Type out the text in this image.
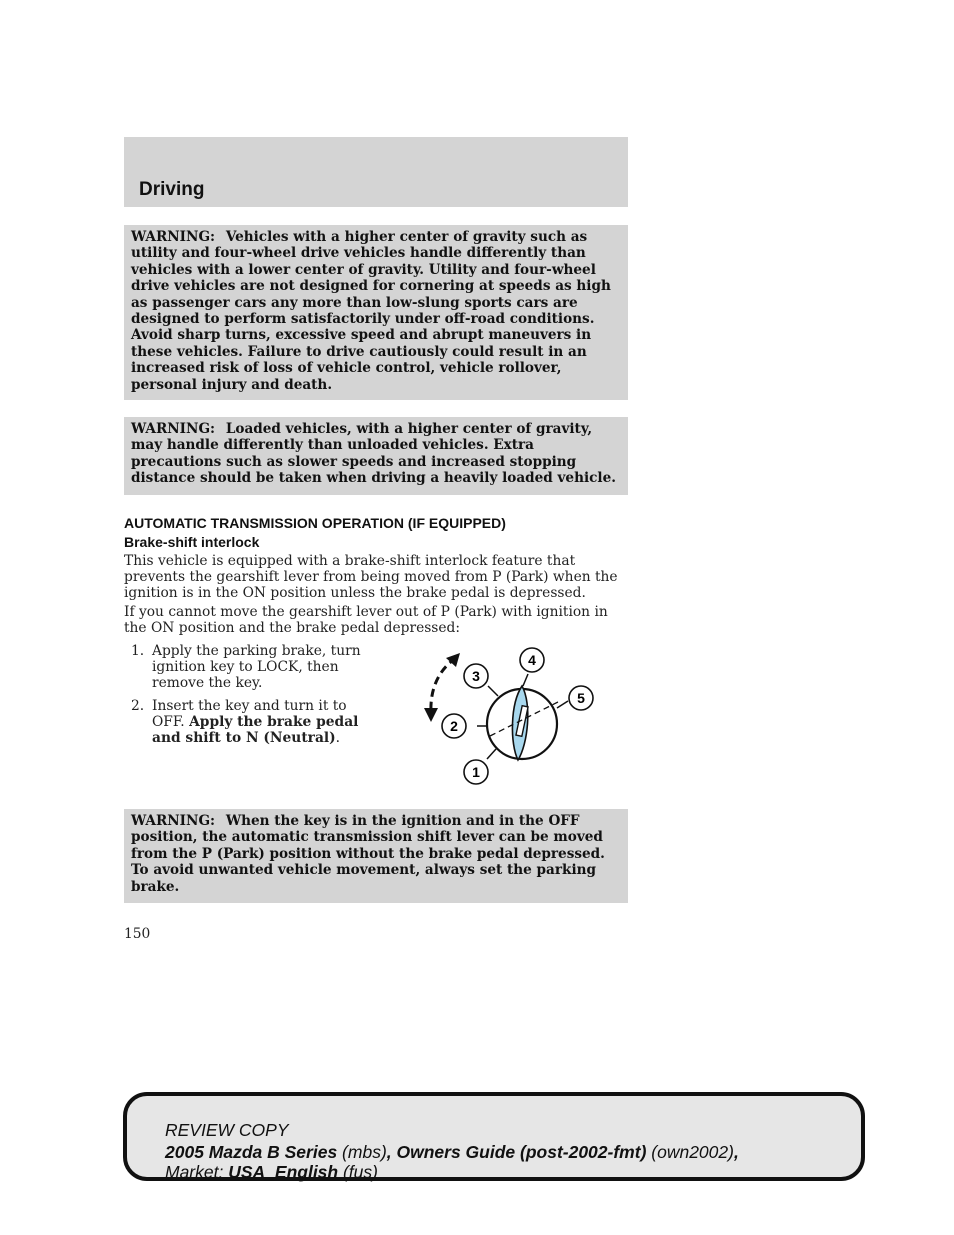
Driving
WARNING: Vehicles with a higher center of gravity such as utility and four-wheel drive vehicles handle differently than vehicles with a lower center of gravity. Utility and four-wheel drive vehicles are not designed for cornering at speeds as high as passenger cars any more than low-slung sports cars are designed to perform satisfactorily under off-road conditions. Avoid sharp turns, excessive speed and abrupt maneuvers in these vehicles. Failure to drive cautiously could result in an increased risk of loss of vehicle control, vehicle rollover, personal injury and death.
WARNING: Loaded vehicles, with a higher center of gravity, may handle differently than unloaded vehicles. Extra precautions such as slower speeds and increased stopping distance should be taken when driving a heavily loaded vehicle.
AUTOMATIC TRANSMISSION OPERATION (IF EQUIPPED)
Brake-shift interlock
This vehicle is equipped with a brake-shift interlock feature that prevents the gearshift lever from being moved from P (Park) when the ignition is in the ON position unless the brake pedal is depressed.
If you cannot move the gearshift lever out of P (Park) with ignition in the ON position and the brake pedal depressed:
1. Apply the parking brake, turn ignition key to LOCK, then remove the key.
2. Insert the key and turn it to OFF. Apply the brake pedal and shift to N (Neutral).
1
2
3
4
5
WARNING: When the key is in the ignition and in the OFF position, the automatic transmission shift lever can be moved from the P (Park) position without the brake pedal depressed. To avoid unwanted vehicle movement, always set the parking brake.
150
REVIEW COPY
2005 Mazda B Series (mbs), Owners Guide (post-2002-fmt) (own2002),
Market: USA_English (fus)
